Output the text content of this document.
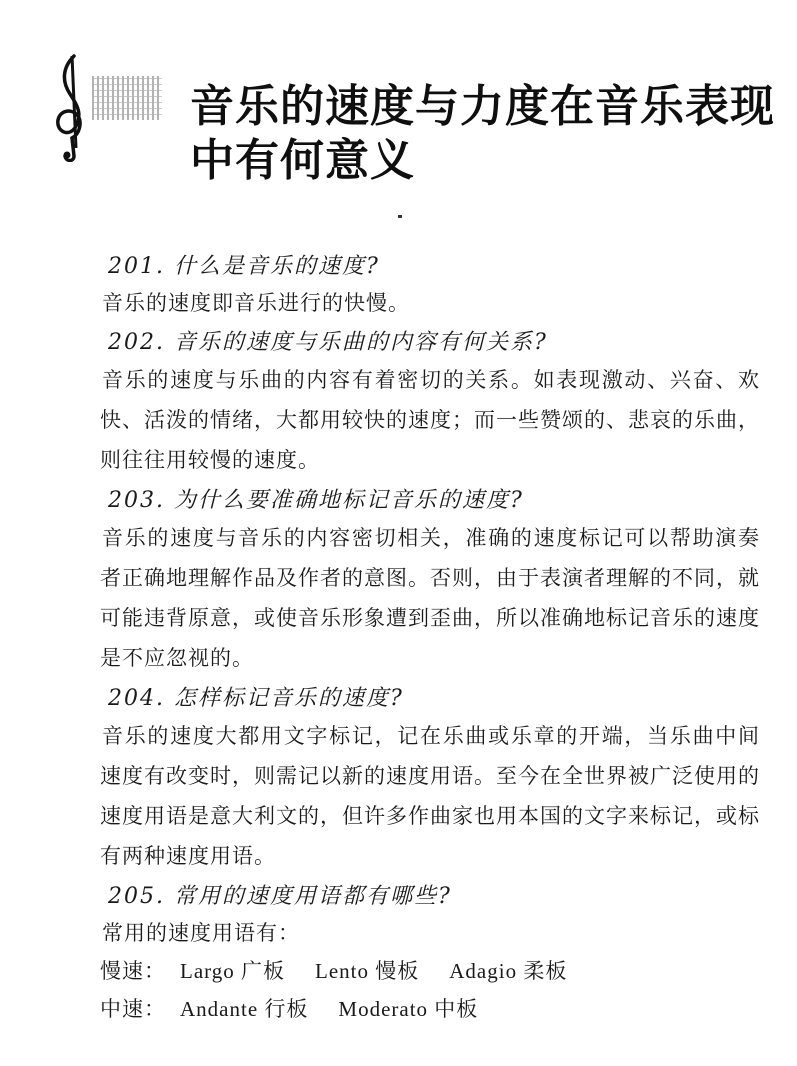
音乐的速度与力度在音乐表现中有何意义
201. 什么是音乐的速度?
音乐的速度即音乐进行的快慢。
202. 音乐的速度与乐曲的内容有何关系?
音乐的速度与乐曲的内容有着密切的关系。如表现激动、兴奋、欢快、活泼的情绪，大都用较快的速度；而一些赞颂的、悲哀的乐曲，则往往用较慢的速度。
203. 为什么要准确地标记音乐的速度?
音乐的速度与音乐的内容密切相关，准确的速度标记可以帮助演奏者正确地理解作品及作者的意图。否则，由于表演者理解的不同，就可能违背原意，或使音乐形象遭到歪曲，所以准确地标记音乐的速度是不应忽视的。
204. 怎样标记音乐的速度?
音乐的速度大都用文字标记，记在乐曲或乐章的开端，当乐曲中间速度有改变时，则需记以新的速度用语。至今在全世界被广泛使用的速度用语是意大利文的，但许多作曲家也用本国的文字来标记，或标有两种速度用语。
205. 常用的速度用语都有哪些?
常用的速度用语有：
慢速： Largo 广板 Lento 慢板 Adagio 柔板
中速： Andante 行板 Moderato 中板
